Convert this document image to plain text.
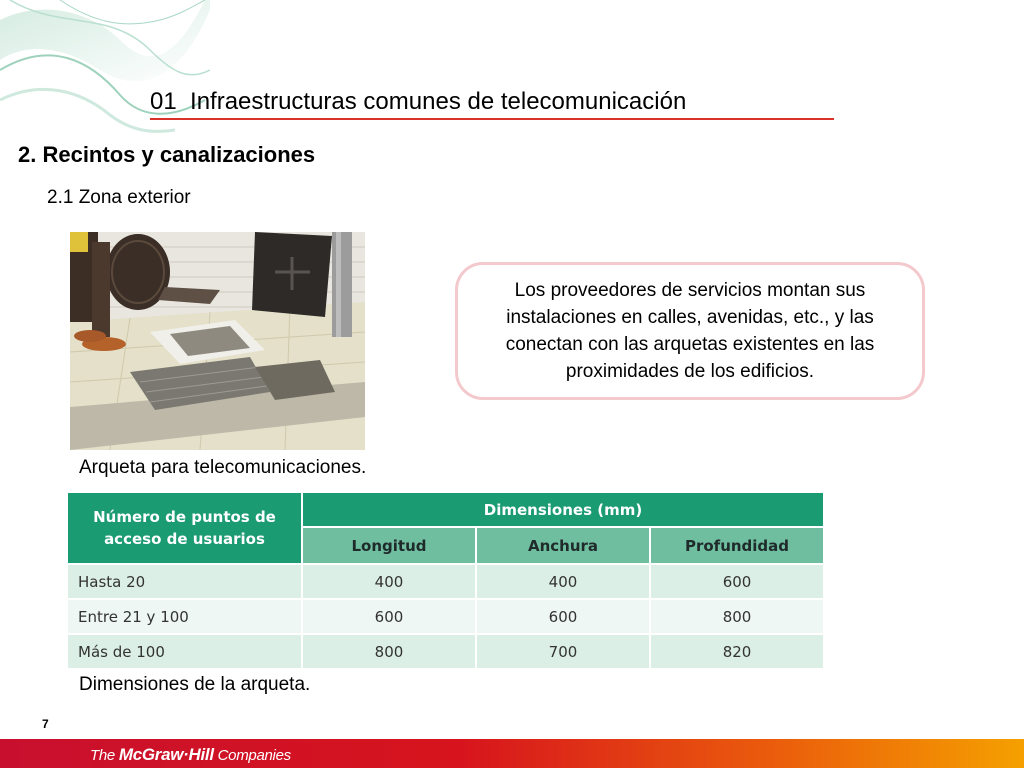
01  Infraestructuras comunes de telecomunicación
2. Recintos y canalizaciones
2.1 Zona exterior
Arqueta para telecomunicaciones.
Los proveedores de servicios montan sus instalaciones en calles, avenidas, etc., y las conectan con las arquetas existentes en las proximidades de los edificios.
Número de puntos de acceso de usuarios	Dimensiones (mm)		
	Longitud	Anchura	Profundidad
Hasta 20	400	400	600
Entre 21 y 100	600	600	800
Más de 100	800	700	820
Dimensiones de la arqueta.
7
The McGraw·Hill Companies
